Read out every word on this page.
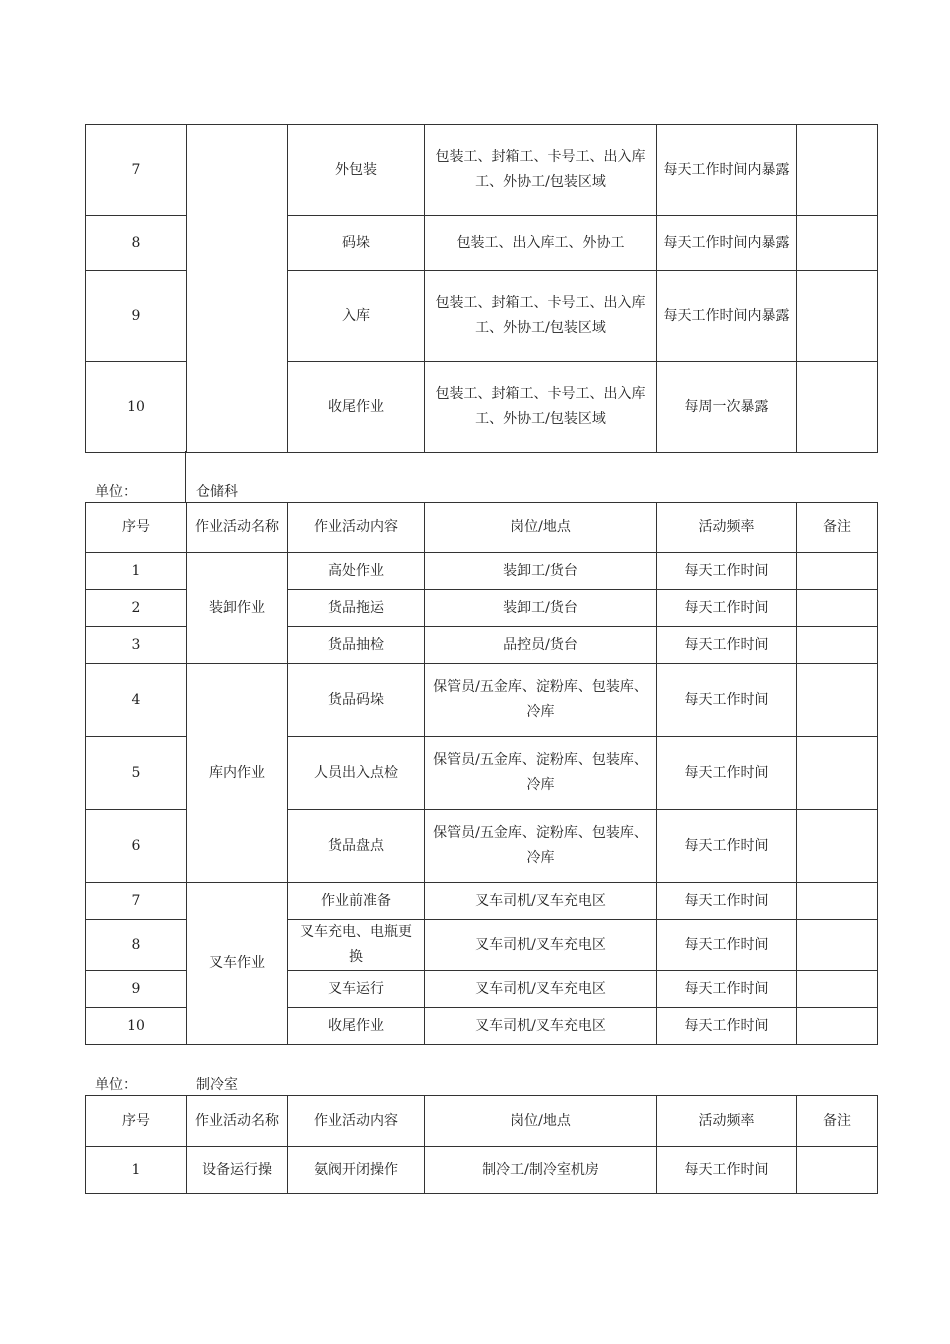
7		外包装	包装工、封箱工、卡号工、出入库工、外协工/包装区域	每天工作时间内暴露	
8		码垛	包装工、出入库工、外协工	每天工作时间内暴露	
9		入库	包装工、封箱工、卡号工、出入库工、外协工/包装区域	每天工作时间内暴露	
10		收尾作业	包装工、封箱工、卡号工、出入库工、外协工/包装区域	每周一次暴露	
单位：	仓储科
序号	作业活动名称	作业活动内容	岗位/地点	活动频率	备注
1	装卸作业	高处作业	装卸工/货台	每天工作时间	
2		货品拖运	装卸工/货台	每天工作时间	
3		货品抽检	品控员/货台	每天工作时间	
4	库内作业	货品码垛	保管员/五金库、淀粉库、包装库、冷库	每天工作时间	
5		人员出入点检	保管员/五金库、淀粉库、包装库、冷库	每天工作时间	
6		货品盘点	保管员/五金库、淀粉库、包装库、冷库	每天工作时间	
7	叉车作业	作业前准备	叉车司机/叉车充电区	每天工作时间	
8		叉车充电、电瓶更换	叉车司机/叉车充电区	每天工作时间	
9		叉车运行	叉车司机/叉车充电区	每天工作时间	
10		收尾作业	叉车司机/叉车充电区	每天工作时间	
单位：	制冷室
序号	作业活动名称	作业活动内容	岗位/地点	活动频率	备注
1	设备运行操	氨阀开闭操作	制冷工/制冷室机房	每天工作时间	
